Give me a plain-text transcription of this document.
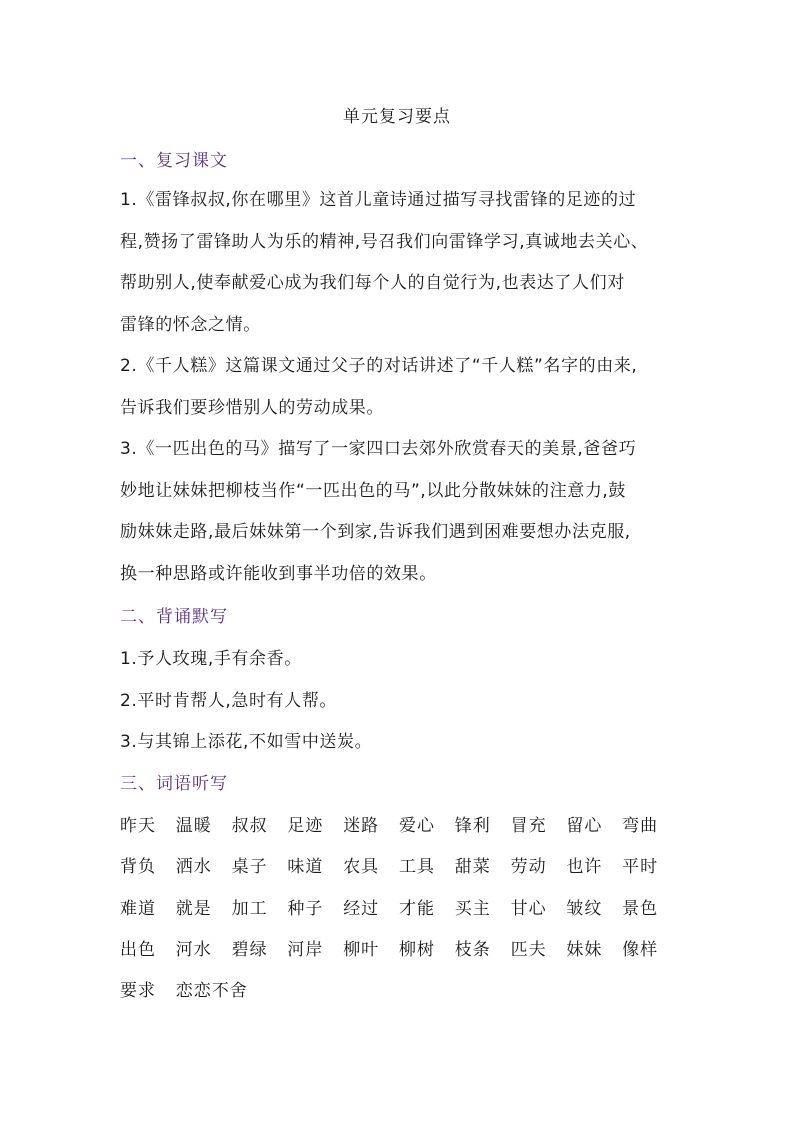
单元复习要点
一、复习课文
1.《雷锋叔叔,你在哪里》这首儿童诗通过描写寻找雷锋的足迹的过
程,赞扬了雷锋助人为乐的精神,号召我们向雷锋学习,真诚地去关心、
帮助别人,使奉献爱心成为我们每个人的自觉行为,也表达了人们对
雷锋的怀念之情。
2.《千人糕》这篇课文通过父子的对话讲述了“千人糕”名字的由来,
告诉我们要珍惜别人的劳动成果。
3.《一匹出色的马》描写了一家四口去郊外欣赏春天的美景,爸爸巧
妙地让妹妹把柳枝当作“一匹出色的马”,以此分散妹妹的注意力,鼓
励妹妹走路,最后妹妹第一个到家,告诉我们遇到困难要想办法克服,
换一种思路或许能收到事半功倍的效果。
二、背诵默写
1.予人玫瑰,手有余香。
2.平时肯帮人,急时有人帮。
3.与其锦上添花,不如雪中送炭。
三、词语听写
昨天 温暖 叔叔 足迹 迷路 爱心 锋利 冒充 留心 弯曲
背负 洒水 桌子 味道 农具 工具 甜菜 劳动 也许 平时
难道 就是 加工 种子 经过 才能 买主 甘心 皱纹 景色
出色 河水 碧绿 河岸 柳叶 柳树 枝条 匹夫 妹妹 像样
要求 恋恋不舍
